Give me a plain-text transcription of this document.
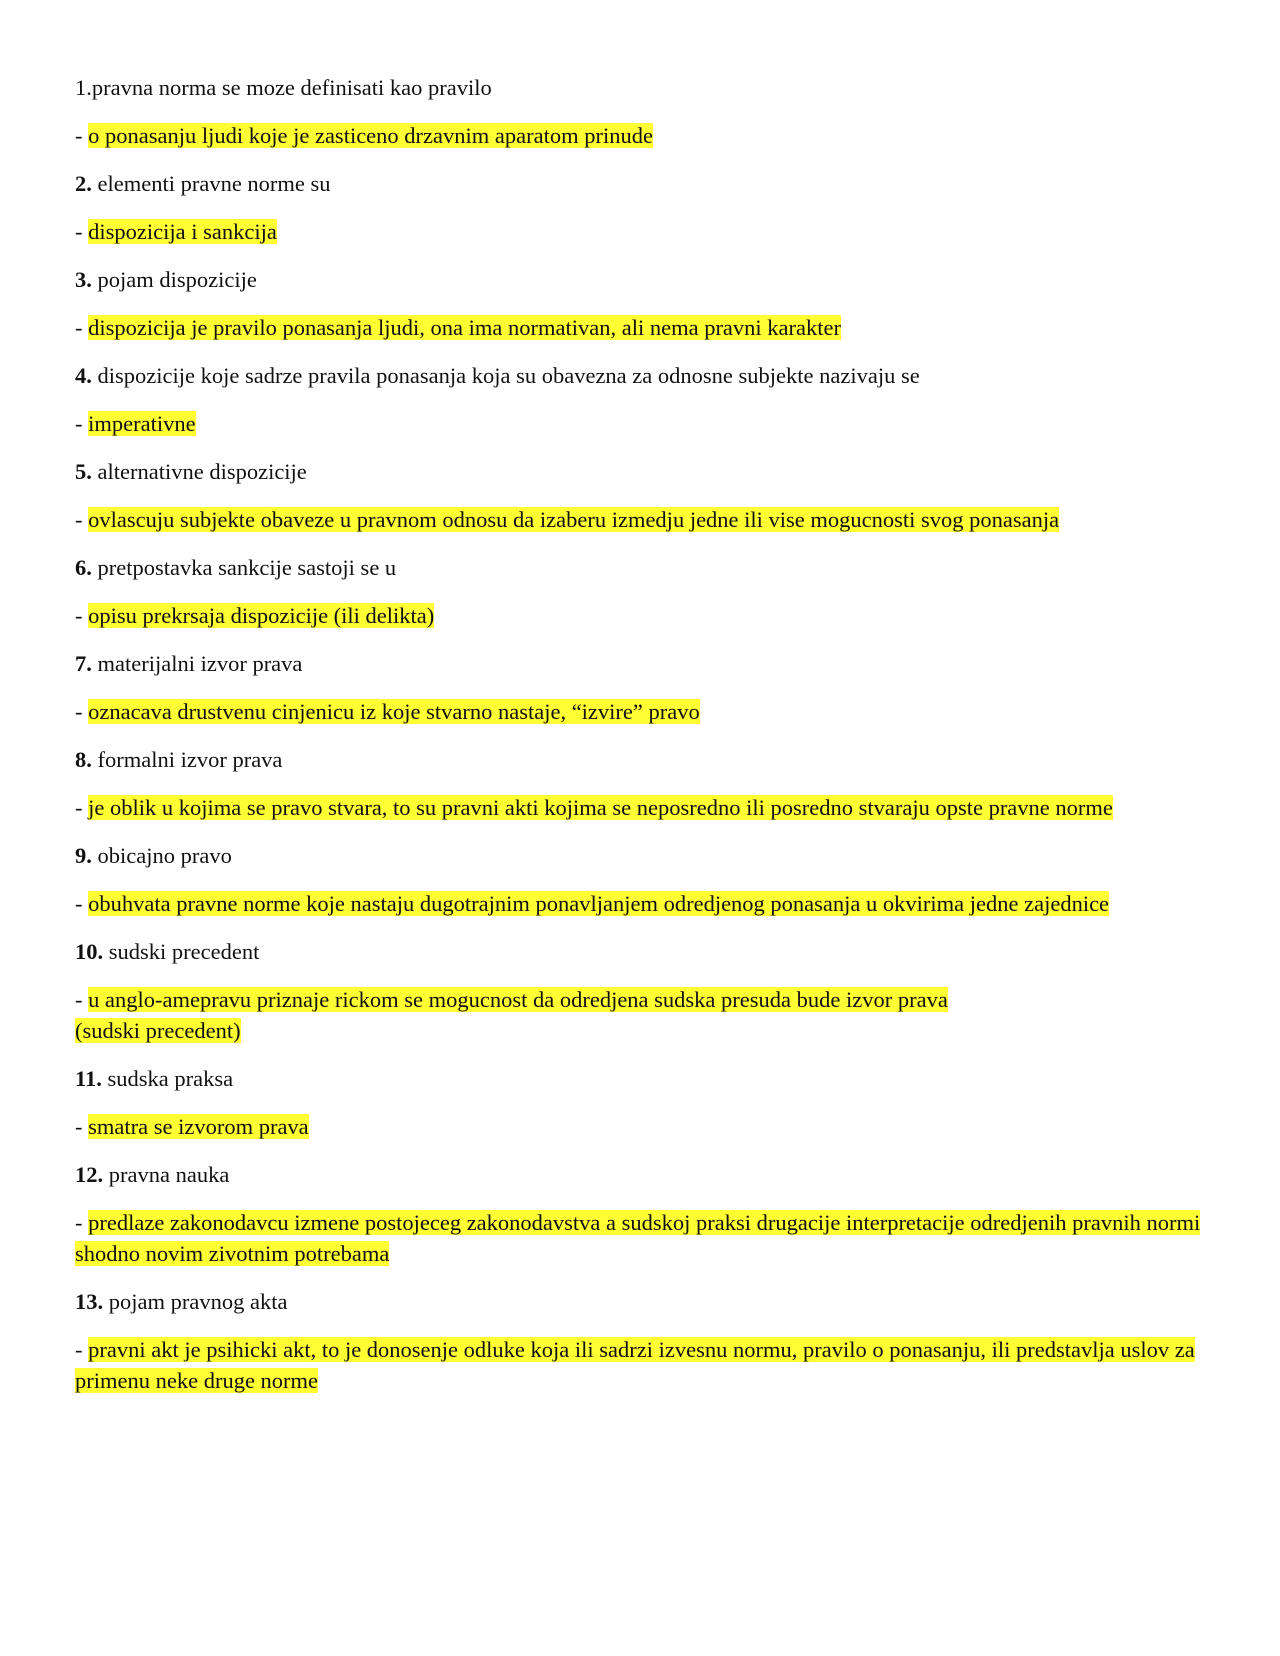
1.pravna norma se moze definisati kao pravilo

- o ponasanju ljudi koje je zasticeno drzavnim aparatom prinude

2. elementi pravne norme su

- dispozicija i sankcija

3. pojam dispozicije

- dispozicija je pravilo ponasanja ljudi, ona ima normativan, ali nema pravni karakter

4. dispozicije koje sadrze pravila ponasanja koja su obavezna za odnosne subjekte nazivaju se

- imperativne

5. alternativne dispozicije

- ovlascuju subjekte obaveze u pravnom odnosu da izaberu izmedju jedne ili vise mogucnosti svog ponasanja

6. pretpostavka sankcije sastoji se u

- opisu prekrsaja dispozicije (ili delikta)

7. materijalni izvor prava

- oznacava drustvenu cinjenicu iz koje stvarno nastaje, “izvire” pravo

8. formalni izvor prava

- je oblik u kojima se pravo stvara, to su pravni akti kojima se neposredno ili posredno stvaraju opste pravne norme

9. obicajno pravo

- obuhvata pravne norme koje nastaju dugotrajnim ponavljanjem odredjenog ponasanja u okvirima jedne zajednice

10. sudski precedent

- u anglo-amepravu priznaje rickom se mogucnost da odredjena sudska presuda bude izvor prava
(sudski precedent)

11. sudska praksa

- smatra se izvorom prava

12. pravna nauka

- predlaze zakonodavcu izmene postojeceg zakonodavstva a sudskoj praksi drugacije interpretacije odredjenih pravnih normi shodno novim zivotnim potrebama

13. pojam pravnog akta

- pravni akt je psihicki akt, to je donosenje odluke koja ili sadrzi izvesnu normu, pravilo o ponasanju, ili predstavlja uslov za primenu neke druge norme
